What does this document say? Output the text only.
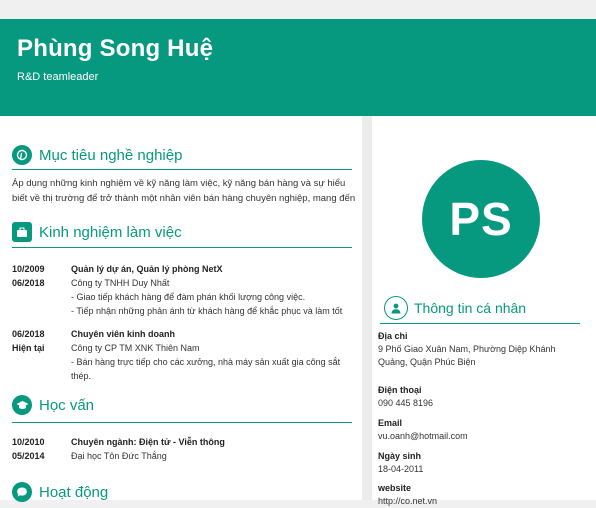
Phùng Song Huệ
R&D teamleader
Mục tiêu nghề nghiệp
Áp dụng những kinh nghiệm về kỹ năng làm việc, kỹ năng bán hàng và sự hiểu
biết về thị trường để trở thành một nhân viên bán hàng chuyên nghiệp, mang đến
Kinh nghiệm làm việc
10/2009
06/2018
Quản lý dự án, Quản lý phòng NetX
Công ty TNHH Duy Nhất
- Giao tiếp khách hàng để đàm phán khối lượng công việc.
- Tiếp nhận những phản ánh từ khách hàng để khắc phục và làm tốt
06/2018
Hiện tại
Chuyên viên kinh doanh
Công ty CP TM XNK Thiên Nam
- Bán hàng trực tiếp cho các xưởng, nhà máy sản xuất gia công sắt
thép.
Học vấn
10/2010
05/2014
Chuyên ngành: Điện tử - Viễn thông
Đại học Tôn Đức Thắng
Hoạt động
PS
Thông tin cá nhân
Địa chỉ
9 Phố Giao Xuân Nam, Phường Diệp Khánh
Quảng, Quận Phúc Biện
Điện thoại
090 445 8196
Email
vu.oanh@hotmail.com
Ngày sinh
18-04-2011
website
http://co.net.vn
